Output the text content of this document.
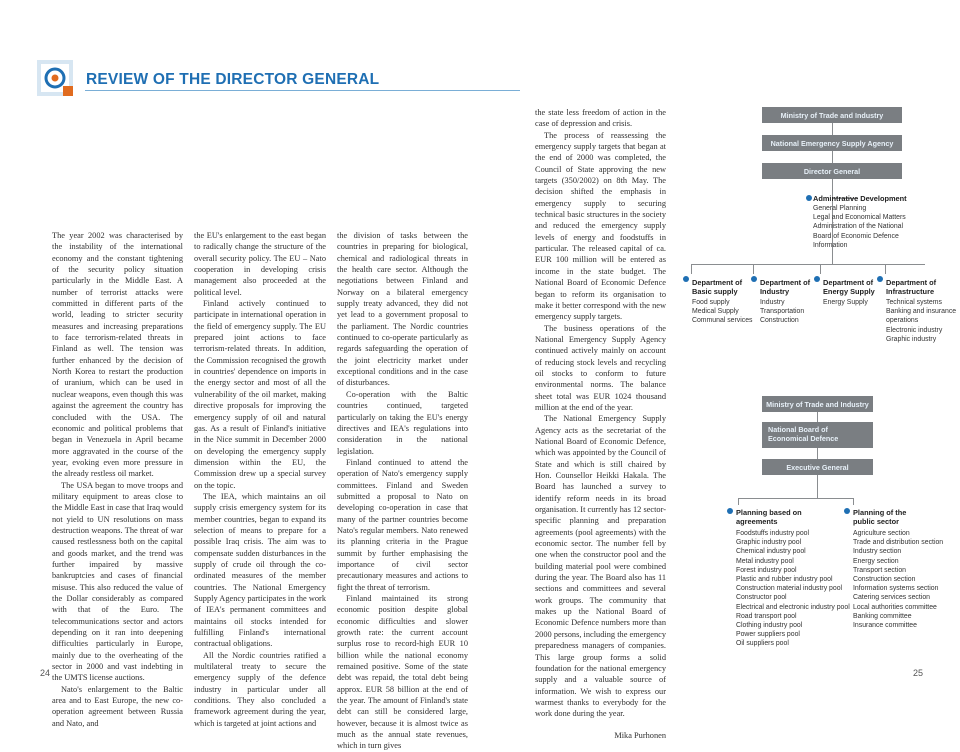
REVIEW OF THE DIRECTOR GENERAL

The year 2002 was characterised by the instability of the international economy and the constant tightening of the security policy situation particularly in the Middle East. A number of terrorist attacks were committed in different parts of the world, leading to stricter security measures and increasing preparations to face terrorism-related threats in Finland as well. The tension was further enhanced by the decision of North Korea to restart the production of uranium, which can be used in nuclear weapons, even though this was against the agreement the country has concluded with the USA. The economic and political problems that began in Venezuela in April became more aggravated in the course of the year, evoking even more pressure in the already restless oil market.

The USA began to move troops and military equipment to areas close to the Middle East in case that Iraq would not yield to UN resolutions on mass destruction weapons. The threat of war caused restlessness both on the capital and goods market, and the trend was further impaired by massive bankruptcies and cases of financial misuse. This also reduced the value of the Dollar considerably as compared with that of the Euro. The telecommunications sector and actors depending on it ran into deepening difficulties particularly in Europe, mainly due to the overheating of the sector in 2000 and vast indebting in the UMTS license auctions.

Nato's enlargement to the Baltic area and to East Europe, the new co-operation agreement between Russia and Nato, and

the EU's enlargement to the east began to radically change the structure of the overall security policy. The EU – Nato cooperation in developing crisis management also proceeded at the political level.

Finland actively continued to participate in international operation in the field of emergency supply. The EU prepared joint actions to face terrorism-related threats. In addition, the Commission recognised the growth in countries' dependence on imports in the energy sector and most of all the vulnerability of the oil market, making directive proposals for improving the emergency supply of oil and natural gas. As a result of Finland's initiative in the Nice summit in December 2000 on developing the emergency supply dimension within the EU, the Commission drew up a special survey on the topic.

The IEA, which maintains an oil supply crisis emergency system for its member countries, began to expand its selection of means to prepare for a possible Iraq crisis. The aim was to compensate sudden disturbances in the supply of crude oil through the co-ordinated measures of the member countries. The National Emergency Supply Agency participates in the work of IEA's permanent committees and maintains oil stocks intended for fulfilling Finland's international contractual obligations.

All the Nordic countries ratified a multilateral treaty to secure the emergency supply of the defence industry in particular under all conditions. They also concluded a framework agreement during the year, which is targeted at joint actions and

the division of tasks between the countries in preparing for biological, chemical and radiological threats in the health care sector. Although the negotiations between Finland and Norway on a bilateral emergency supply treaty advanced, they did not yet lead to a government proposal to the parliament. The Nordic countries continued to co-operate particularly as regards safeguarding the operation of the joint electricity market under exceptional conditions and in the case of disturbances.

Co-operation with the Baltic countries continued, targeted particularly on taking the EU's energy directives and IEA's regulations into consideration in the national legislation.

Finland continued to attend the operation of Nato's emergency supply committees. Finland and Sweden submitted a proposal to Nato on developing co-operation in case that many of the partner countries become Nato's regular members. Nato renewed its planning criteria in the Prague summit by further emphasising the importance of civil sector precautionary measures and actions to fight the threat of terrorism.

Finland maintained its strong economic position despite global economic difficulties and slower growth rate: the current account surplus rose to record-high EUR 10 billion while the national economy remained positive. Some of the state debt was repaid, the total debt being approx. EUR 58 billion at the end of the year. The amount of Finland's state debt can still be considered large, however, because it is almost twice as much as the annual state revenues, which in turn gives

the state less freedom of action in the case of depression and crisis.

The process of reassessing the emergency supply targets that began at the end of 2000 was completed, the Council of State approving the new targets (350/2002) on 8th May. The decision shifted the emphasis in emergency supply to securing technical basic structures in the society and reduced the emergency supply levels of energy and foodstuffs in particular. The released capital of ca. EUR 100 million will be entered as income in the state budget. The National Board of Economic Defence began to reform its organisation to make it better correspond with the new emergency supply targets.

The business operations of the National Emergency Supply Agency continued actively mainly on account of reducing stock levels and recycling oil stocks to conform to future environmental norms. The balance sheet total was EUR 1024 thousand million at the end of the year.

The National Emergency Supply Agency acts as the secretariat of the National Board of Economic Defence, which was appointed by the Council of State and which is still chaired by Hon. Counsellor Heikki Hakala. The Board has launched a survey to identify reform needs in its broad organisation. It currently has 12 sector-specific planning and preparation agreements (pool agreements) with the economic sector. The number fell by one when the constructor pool and the building material pool were combined during the year. The Board also has 11 sections and committees and several work groups. The community that makes up the National Board of Economic Defence numbers more than 2000 persons, including the emergency preparedness managers of companies. This large group forms a solid foundation for the national emergency supply and a valuable source of information. We wish to express our warmest thanks to everybody for the work done during the year.

Mika Purhonen

24	25
Ministry of Trade and Industry
National Emergency Supply Agency
Director General
Admintrative Development
General Planning
Legal and Economical Matters
Administration of the National
Board of Economic Defence
Information
Department of
Basic supply
Food supply
Medical Supply
Communal services
Department of
Industry
Industry
Transportation
Construction
Department of
Energy Supply
Energy Supply
Department of
Infrastructure
Technical systems
Banking and insurance
operations
Electronic industry
Graphic industry
Ministry of Trade and Industry
National Board of
Economical Defence
Executive General
Planning based on
agreements
Foodstuffs industry pool
Graphic industry pool
Chemical industry pool
Metal industry pool
Forest industry pool
Plastic and rubber industry pool
Construction material industry pool
Constructor pool
Electrical and electronic industry pool
Road transport pool
Clothing industry pool
Power suppliers pool
Oil suppliers pool
Planning of the
public sector
Agriculture section
Trade and distribution section
Industry section
Energy section
Transport section
Construction section
Information systems section
Catering services section
Local authorities committee
Banking committee
Insurance committee
